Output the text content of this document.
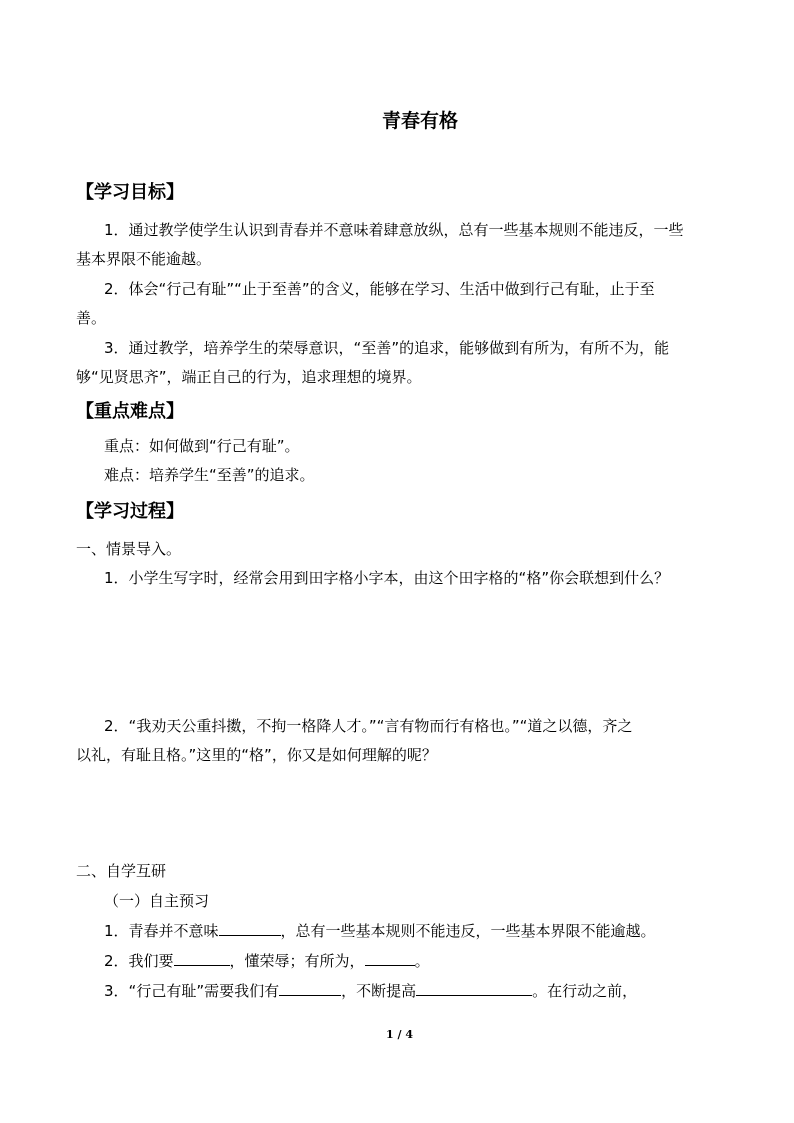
青春有格
【学习目标】
1．通过教学使学生认识到青春并不意味着肆意放纵，总有一些基本规则不能违反，一些
基本界限不能逾越。
2．体会“行己有耻”“止于至善”的含义，能够在学习、生活中做到行己有耻，止于至
善。
3．通过教学，培养学生的荣辱意识，“至善”的追求，能够做到有所为，有所不为，能
够“见贤思齐”，端正自己的行为，追求理想的境界。
【重点难点】
重点：如何做到“行己有耻”。
难点：培养学生“至善”的追求。
【学习过程】
一、情景导入。
1．小学生写字时，经常会用到田字格小字本，由这个田字格的“格”你会联想到什么？
2．“我劝天公重抖擞，不拘一格降人才。”“言有物而行有格也。”“道之以德，齐之
以礼，有耻且格。”这里的“格”，你又是如何理解的呢？
二、自学互研
（一）自主预习
1．青春并不意味	，总有一些基本规则不能违反，一些基本界限不能逾越。
2．我们要	，懂荣辱；有所为，	。
3．“行己有耻”需要我们有	，不断提高	。在行动之前，
1 / 4
